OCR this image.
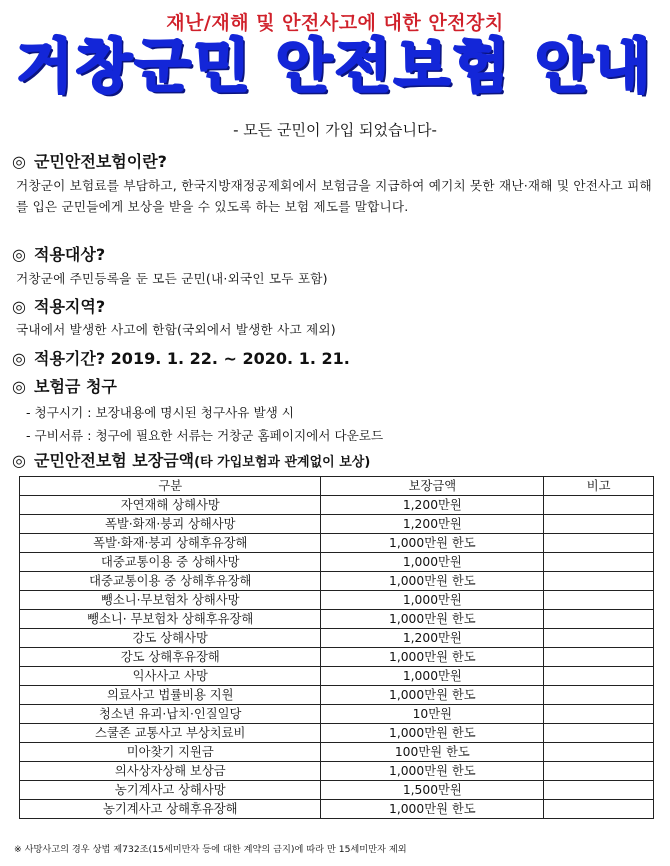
재난/재해 및 안전사고에 대한 안전장치
거창군민 안전보험 안내
- 모든 군민이 가입 되었습니다-
◎ 군민안전보험이란?
거창군이 보험료를 부담하고, 한국지방재정공제회에서 보험금을 지급하여 예기치 못한 재난·재해 및 안전사고 피해를 입은 군민들에게 보상을 받을 수 있도록 하는 보험 제도를 말합니다.
◎ 적용대상?
거창군에 주민등록을 둔 모든 군민(내·외국인 모두 포함)
◎ 적용지역?
국내에서 발생한 사고에 한함(국외에서 발생한 사고 제외)
◎ 적용기간? 2019. 1. 22. ~ 2020. 1. 21.
◎ 보험금 청구
- 청구시기 : 보장내용에 명시된 청구사유 발생 시
- 구비서류 : 청구에 필요한 서류는 거창군 홈페이지에서 다운로드
◎ 군민안전보험 보장금액(타 가입보험과 관계없이 보상)
구분	보장금액	비고
자연재해 상해사망	1,200만원	
폭발·화재·붕괴 상해사망	1,200만원	
폭발·화재·붕괴 상해후유장해	1,000만원 한도	
대중교통이용 중 상해사망	1,000만원	
대중교통이용 중 상해후유장해	1,000만원 한도	
뺑소니·무보험차 상해사망	1,000만원	
뺑소니· 무보험차 상해후유장해	1,000만원 한도	
강도 상해사망	1,200만원	
강도 상해후유장해	1,000만원 한도	
익사사고 사망	1,000만원	
의료사고 법률비용 지원	1,000만원 한도	
청소년 유괴·납치·인질일당	10만원	
스쿨존 교통사고 부상치료비	1,000만원 한도	
미아찾기 지원금	100만원 한도	
의사상자상해 보상금	1,000만원 한도	
농기계사고 상해사망	1,500만원	
농기계사고 상해후유장해	1,000만원 한도	
※ 사망사고의 경우 상법 제732조(15세미만자 등에 대한 계약의 금지)에 따라 만 15세미만자 제외
